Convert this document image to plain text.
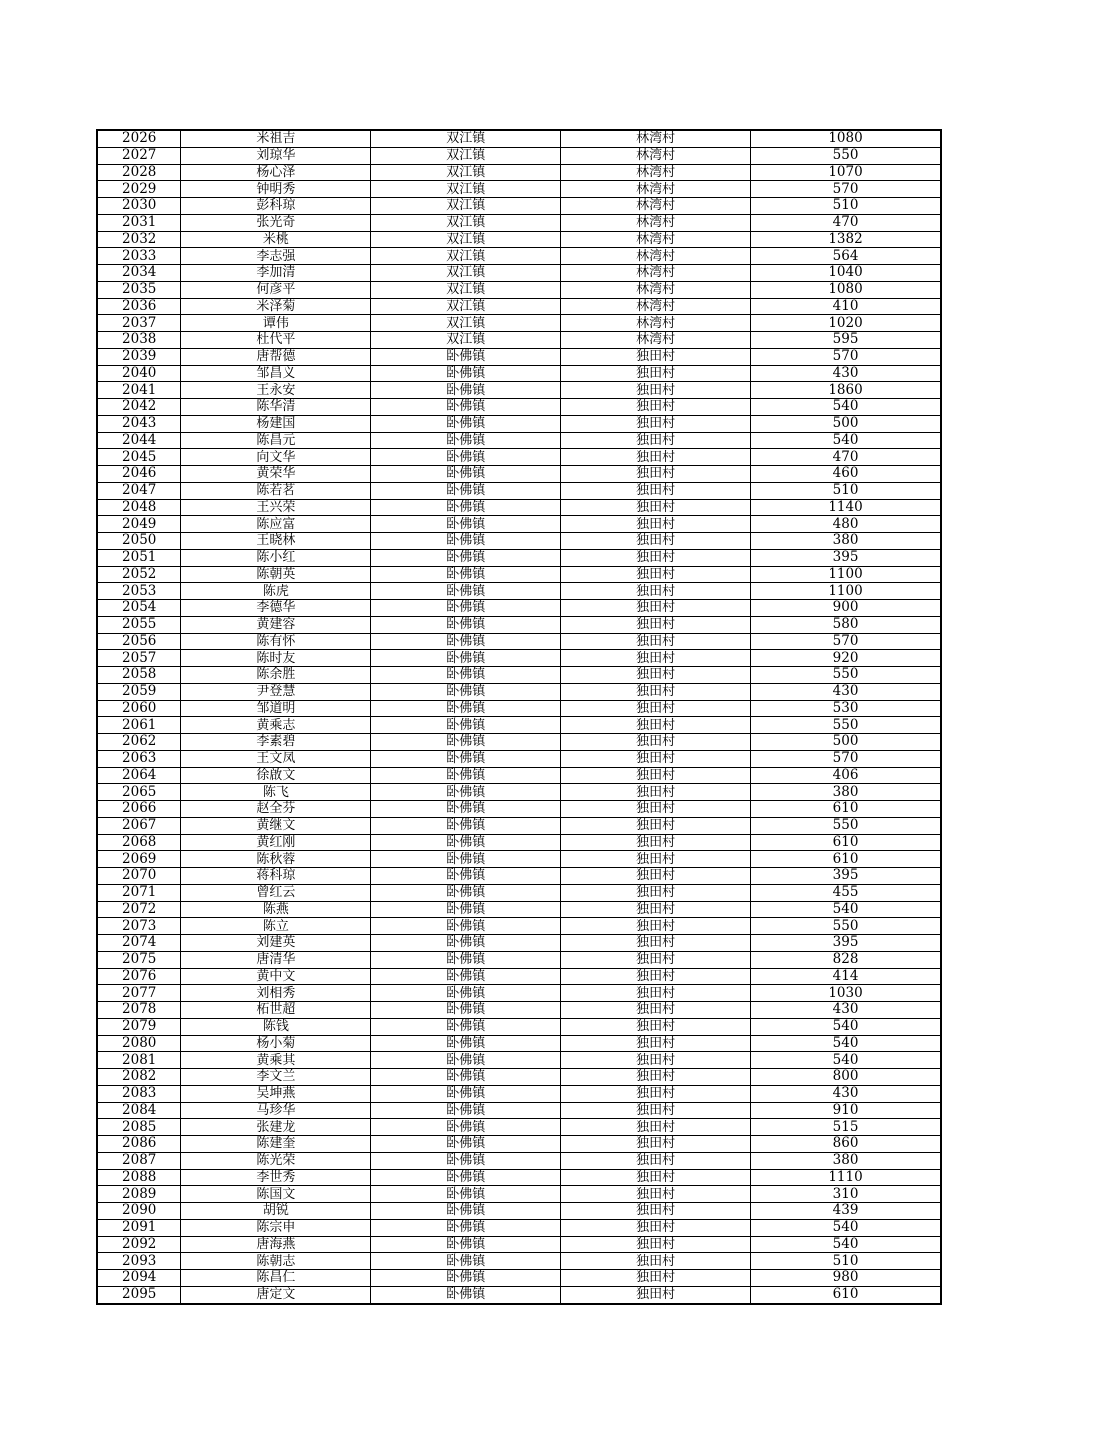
2026	米祖吉	双江镇	林湾村	1080
2027	刘琼华	双江镇	林湾村	550
2028	杨心泽	双江镇	林湾村	1070
2029	钟明秀	双江镇	林湾村	570
2030	彭科琼	双江镇	林湾村	510
2031	张光奇	双江镇	林湾村	470
2032	米桃	双江镇	林湾村	1382
2033	李志强	双江镇	林湾村	564
2034	李加清	双江镇	林湾村	1040
2035	何彦平	双江镇	林湾村	1080
2036	米泽菊	双江镇	林湾村	410
2037	谭伟	双江镇	林湾村	1020
2038	杜代平	双江镇	林湾村	595
2039	唐帮德	卧佛镇	独田村	570
2040	邹昌义	卧佛镇	独田村	430
2041	王永安	卧佛镇	独田村	1860
2042	陈华清	卧佛镇	独田村	540
2043	杨建国	卧佛镇	独田村	500
2044	陈昌元	卧佛镇	独田村	540
2045	向文华	卧佛镇	独田村	470
2046	黄荣华	卧佛镇	独田村	460
2047	陈若茗	卧佛镇	独田村	510
2048	王兴荣	卧佛镇	独田村	1140
2049	陈应富	卧佛镇	独田村	480
2050	王晓林	卧佛镇	独田村	380
2051	陈小红	卧佛镇	独田村	395
2052	陈朝英	卧佛镇	独田村	1100
2053	陈虎	卧佛镇	独田村	1100
2054	李德华	卧佛镇	独田村	900
2055	黄建容	卧佛镇	独田村	580
2056	陈有怀	卧佛镇	独田村	570
2057	陈时友	卧佛镇	独田村	920
2058	陈余胜	卧佛镇	独田村	550
2059	尹登慧	卧佛镇	独田村	430
2060	邹道明	卧佛镇	独田村	530
2061	黄乘志	卧佛镇	独田村	550
2062	李素碧	卧佛镇	独田村	500
2063	王文凤	卧佛镇	独田村	570
2064	徐啟文	卧佛镇	独田村	406
2065	陈飞	卧佛镇	独田村	380
2066	赵全芬	卧佛镇	独田村	610
2067	黄继文	卧佛镇	独田村	550
2068	黄红刚	卧佛镇	独田村	610
2069	陈秋蓉	卧佛镇	独田村	610
2070	蒋科琼	卧佛镇	独田村	395
2071	曾红云	卧佛镇	独田村	455
2072	陈燕	卧佛镇	独田村	540
2073	陈立	卧佛镇	独田村	550
2074	刘建英	卧佛镇	独田村	395
2075	唐清华	卧佛镇	独田村	828
2076	黄中文	卧佛镇	独田村	414
2077	刘相秀	卧佛镇	独田村	1030
2078	柘世超	卧佛镇	独田村	430
2079	陈钱	卧佛镇	独田村	540
2080	杨小菊	卧佛镇	独田村	540
2081	黄乘其	卧佛镇	独田村	540
2082	李文兰	卧佛镇	独田村	800
2083	吴坤燕	卧佛镇	独田村	430
2084	马珍华	卧佛镇	独田村	910
2085	张建龙	卧佛镇	独田村	515
2086	陈建奎	卧佛镇	独田村	860
2087	陈光荣	卧佛镇	独田村	380
2088	李世秀	卧佛镇	独田村	1110
2089	陈国文	卧佛镇	独田村	310
2090	胡锐	卧佛镇	独田村	439
2091	陈宗申	卧佛镇	独田村	540
2092	唐海燕	卧佛镇	独田村	540
2093	陈朝志	卧佛镇	独田村	510
2094	陈昌仁	卧佛镇	独田村	980
2095	唐定文	卧佛镇	独田村	610
